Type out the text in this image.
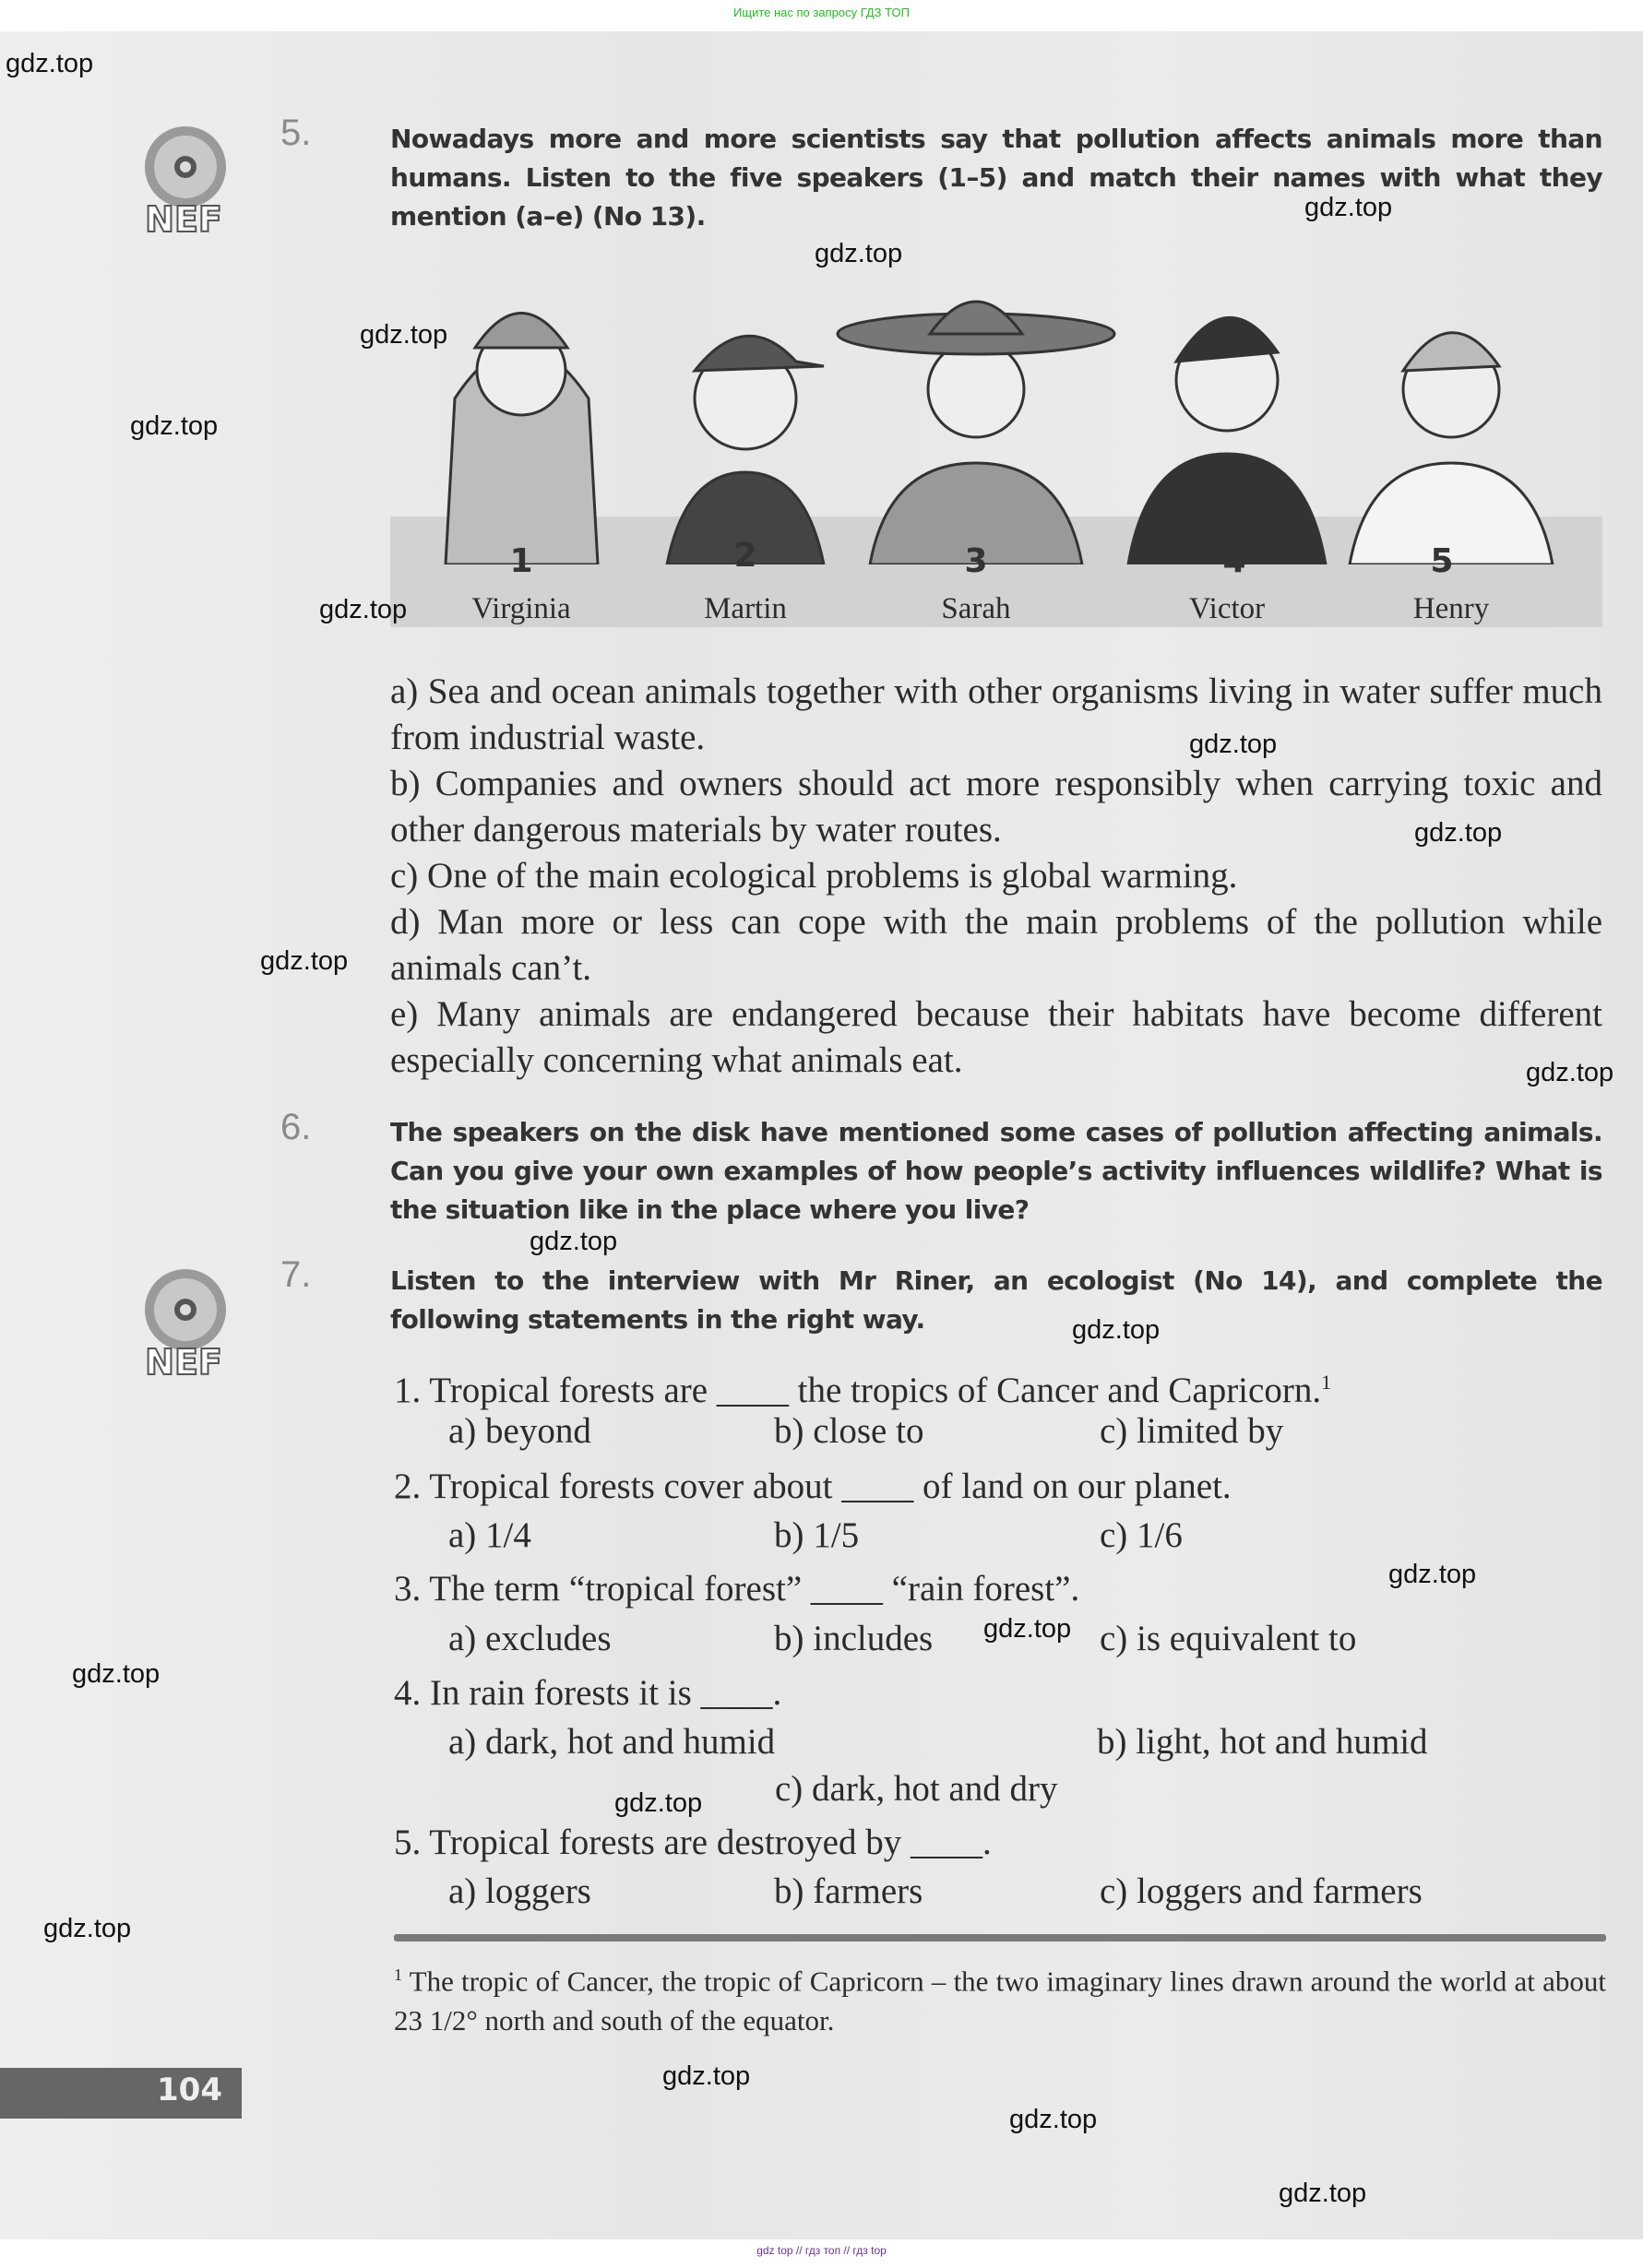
Ищите нас по запросу ГДЗ ТОП
NEF
NEF
5.	Nowadays more and more scientists say that pollution affects animals more than humans. Listen to the five speakers (1–5) and match their names with what they mention (a–e) (No 13).
1	2	3	4	5
Virginia	Martin	Sarah	Victor	Henry
a) Sea and ocean animals together with other organisms living in water suffer much from industrial waste.
b) Companies and owners should act more responsibly when carrying toxic and other dangerous materials by water routes.
c) One of the main ecological problems is global warming.
d) Man more or less can cope with the main problems of the pollution while animals can’t.
e) Many animals are endangered because their habitats have become different especially concerning what animals eat.
6.	The speakers on the disk have mentioned some cases of pollution affecting animals. Can you give your own examples of how people’s activity influences wildlife? What is the situation like in the place where you live?
7.	Listen to the interview with Mr Riner, an ecologist (No 14), and complete the following statements in the right way.
1. Tropical forests are ____ the tropics of Cancer and Capricorn.$^1$
a) beyond	b) close to	c) limited by
2. Tropical forests cover about ____ of land on our planet.
a) 1/4	b) 1/5	c) 1/6
3. The term “tropical forest” ____ “rain forest”.
a) excludes	b) includes	c) is equivalent to
4. In rain forests it is ____.
a) dark, hot and humid	b) light, hot and humid
c) dark, hot and dry
5. Tropical forests are destroyed by ____.
a) loggers	b) farmers	c) loggers and farmers
$^1$ The tropic of Cancer, the tropic of Capricorn – the two imaginary lines drawn around the world at about 23 1/2° north and south of the equator.
104
gdz.top
gdz.top
gdz.top
gdz.top
gdz.top
gdz.top
gdz.top
gdz.top
gdz.top
gdz.top
gdz.top
gdz.top
gdz.top
gdz.top
gdz.top
gdz.top
gdz.top
gdz.top
gdz.top
gdz.top
gdz top // гдз топ // гдз top
